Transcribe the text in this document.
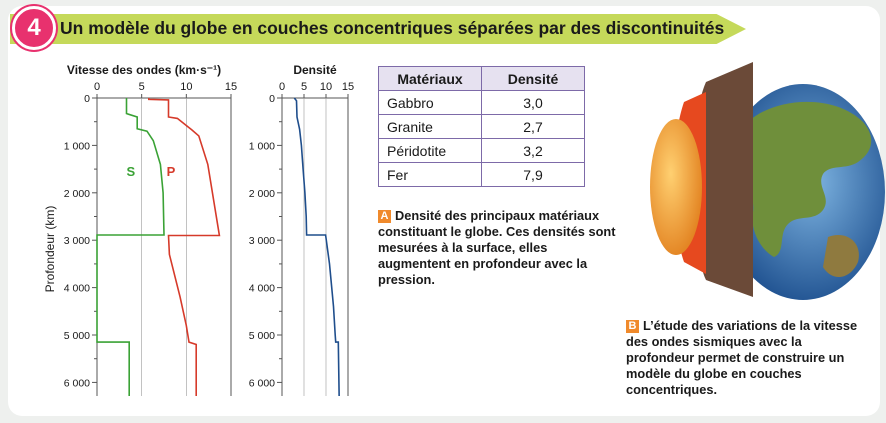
4	Un modèle du globe en couches concentriques séparées par des discontinuités
Vitesse des ondes (km·s⁻¹)
0	5	10	15
0
1 000
2 000
3 000
4 000
5 000
6 000
Profondeur (km)
S P
Densité
0 5 10 15
0
1 000
2 000
3 000
4 000
5 000
6 000
Matériaux	Densité
Gabbro	3,0
Granite	2,7
Péridotite	3,2
Fer	7,9
A Densité des principaux matériaux constituant le globe. Ces densités sont mesurées à la surface, elles augmentent en profondeur avec la pression.
B L’étude des variations de la vitesse des ondes sismiques avec la profondeur permet de construire un modèle du globe en couches concentriques.
